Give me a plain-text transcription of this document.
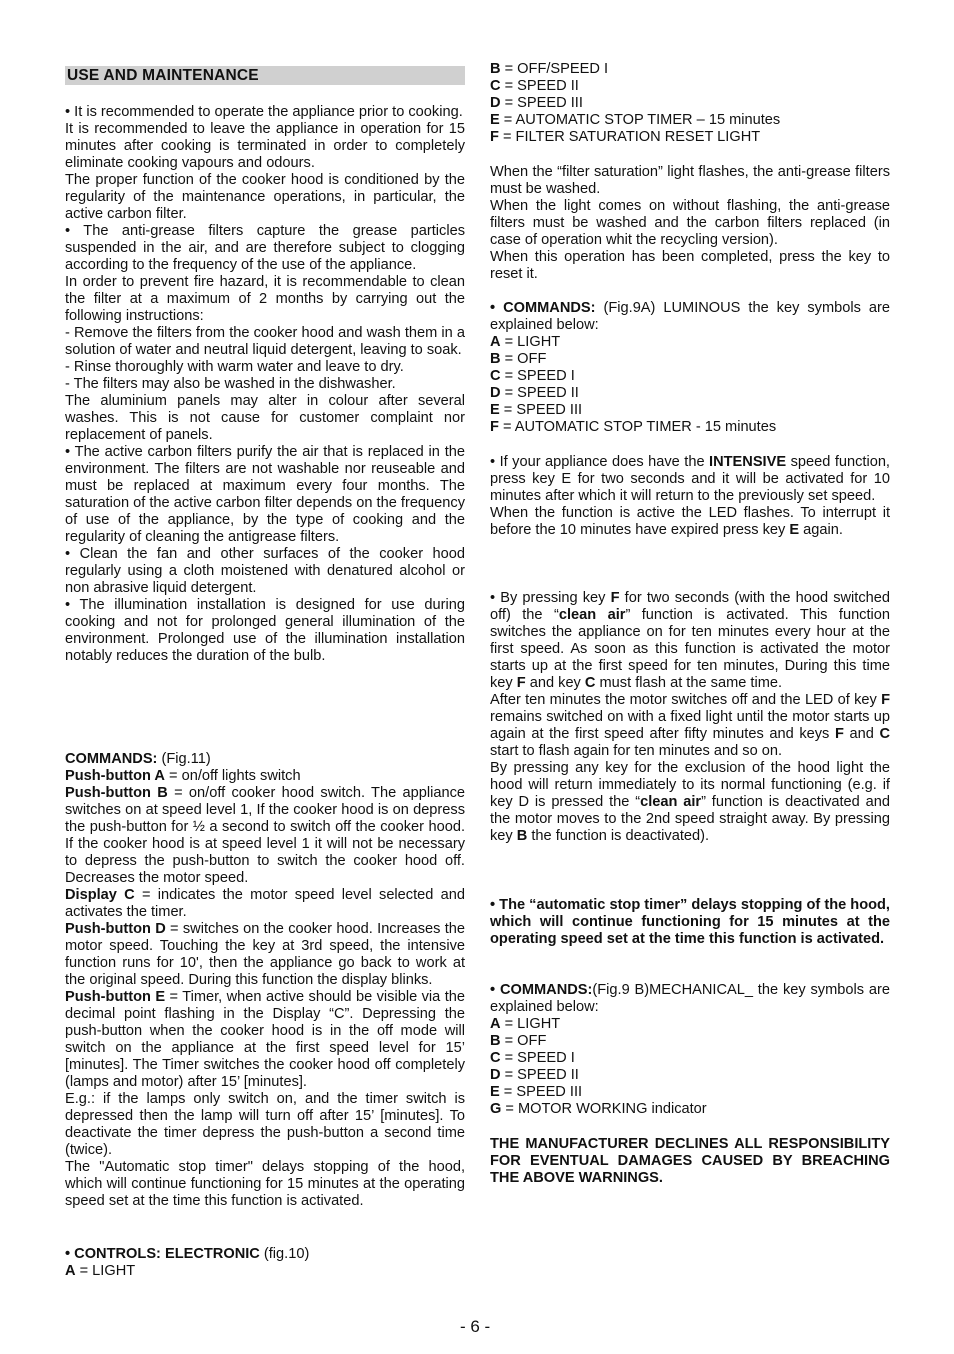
USE AND MAINTENANCE

• It is recommended to operate the appliance prior to cooking.

It is recommended to leave the appliance in operation for 15 minutes after cooking is terminated in order to completely eliminate cooking vapours and odours.

The proper function of the cooker hood is conditioned by the regularity of the maintenance operations, in particular, the active carbon filter.

• The anti-grease filters capture the grease particles suspended in the air, and are therefore subject to clogging according to the frequency of the use of the appliance.

In order to prevent fire hazard, it is recommendable to clean the filter at a maximum of 2 months by carrying out the following instructions:

- Remove the filters from the cooker hood and wash them in a solution of water and neutral liquid detergent, leaving to soak.

- Rinse thoroughly with warm water and leave to dry.

- The filters may also be washed in the dishwasher.

The aluminium panels may alter in colour after several washes. This is not cause for customer complaint nor replacement of panels.

• The active carbon filters purify the air that is replaced in the environment. The filters are not washable nor reuseable and must be replaced at maximum every four months. The saturation of the active carbon filter depends on the frequency of use of the appliance, by the type of cooking and the regularity of cleaning the antigrease filters.

• Clean the fan and other surfaces of the cooker hood regularly using a cloth moistened with denatured alcohol or non abrasive liquid detergent.

• The illumination installation is designed for use during cooking and not for prolonged general illumination of the environment. Prolonged use of the illumination installation notably reduces the duration of the bulb.

COMMANDS: (Fig.11)

Push-button A = on/off lights switch

Push-button B = on/off cooker hood switch. The appliance switches on at speed level 1, If the cooker hood is on depress the push-button for ½ a second to switch off the cooker hood. If the cooker hood is at speed level 1 it will not be necessary to depress the push-button to switch the cooker hood off. Decreases the motor speed.

Display C = indicates the motor speed level selected and activates the timer.

Push-button D = switches on the cooker hood. Increases the motor speed. Touching the key at 3rd speed, the intensive function runs for 10', then the appliance go back to work at the original speed. During this function the display blinks.

Push-button E = Timer, when active should be visible via the decimal point flashing in the Display “C”. Depressing the push-button when the cooker hood is in the off mode will switch on the appliance at the first speed level for 15’ [minutes]. The Timer switches the cooker hood off completely (lamps and motor) after 15’ [minutes].

E.g.: if the lamps only switch on, and the timer switch is depressed then the lamp will turn off after 15’ [minutes]. To deactivate the timer depress the push-button a second time (twice).

The "Automatic stop timer" delays stopping of the hood, which will continue functioning for 15 minutes at the operating speed set at the time this function is activated.

• CONTROLS: ELECTRONIC (fig.10)

A = LIGHT

B = OFF/SPEED I

C = SPEED II

D = SPEED III

E = AUTOMATIC STOP TIMER – 15 minutes

F = FILTER SATURATION RESET LIGHT

When the “filter saturation” light flashes, the anti-grease filters must be washed.

When the light comes on without flashing, the anti-grease filters must be washed and the carbon filters replaced (in case of operation whit the recycling version).

When this operation has been completed, press the key to reset it.

• COMMANDS: (Fig.9A) LUMINOUS the key symbols are explained below:

A = LIGHT

B = OFF

C = SPEED I

D = SPEED II

E = SPEED III

F = AUTOMATIC STOP TIMER - 15 minutes

• If your appliance does have the INTENSIVE speed function, press key E for two seconds and it will be activated for 10 minutes after which it will return to the previously set speed.

When the function is active the LED flashes. To interrupt it before the 10 minutes have expired press key E again.

• By pressing key F for two seconds (with the hood switched off) the “clean air” function is activated. This function switches the appliance on for ten minutes every hour at the first speed. As soon as this function is activated the motor starts up at the first speed for ten minutes, During this time key F and key C must flash at the same time.

After ten minutes the motor switches off and the LED of key F remains switched on with a fixed light until the motor starts up again at the first speed after fifty minutes and keys F and C start to flash again for ten minutes and so on.

By pressing any key for the exclusion of the hood light the hood will return immediately to its normal functioning (e.g. if key D is pressed the “clean air” function is deactivated and the motor moves to the 2nd speed straight away. By pressing key B the function is deactivated).

• The “automatic stop timer” delays stopping of the hood, which will continue functioning for 15 minutes at the operating speed set at the time this function is activated.

• COMMANDS:(Fig.9 B)MECHANICAL_ the key symbols are explained below:

A = LIGHT

B = OFF

C = SPEED I

D = SPEED II

E = SPEED III

G = MOTOR WORKING indicator

THE MANUFACTURER DECLINES ALL RESPONSIBILITY FOR EVENTUAL DAMAGES CAUSED BY BREACHING THE ABOVE WARNINGS.

- 6 -
